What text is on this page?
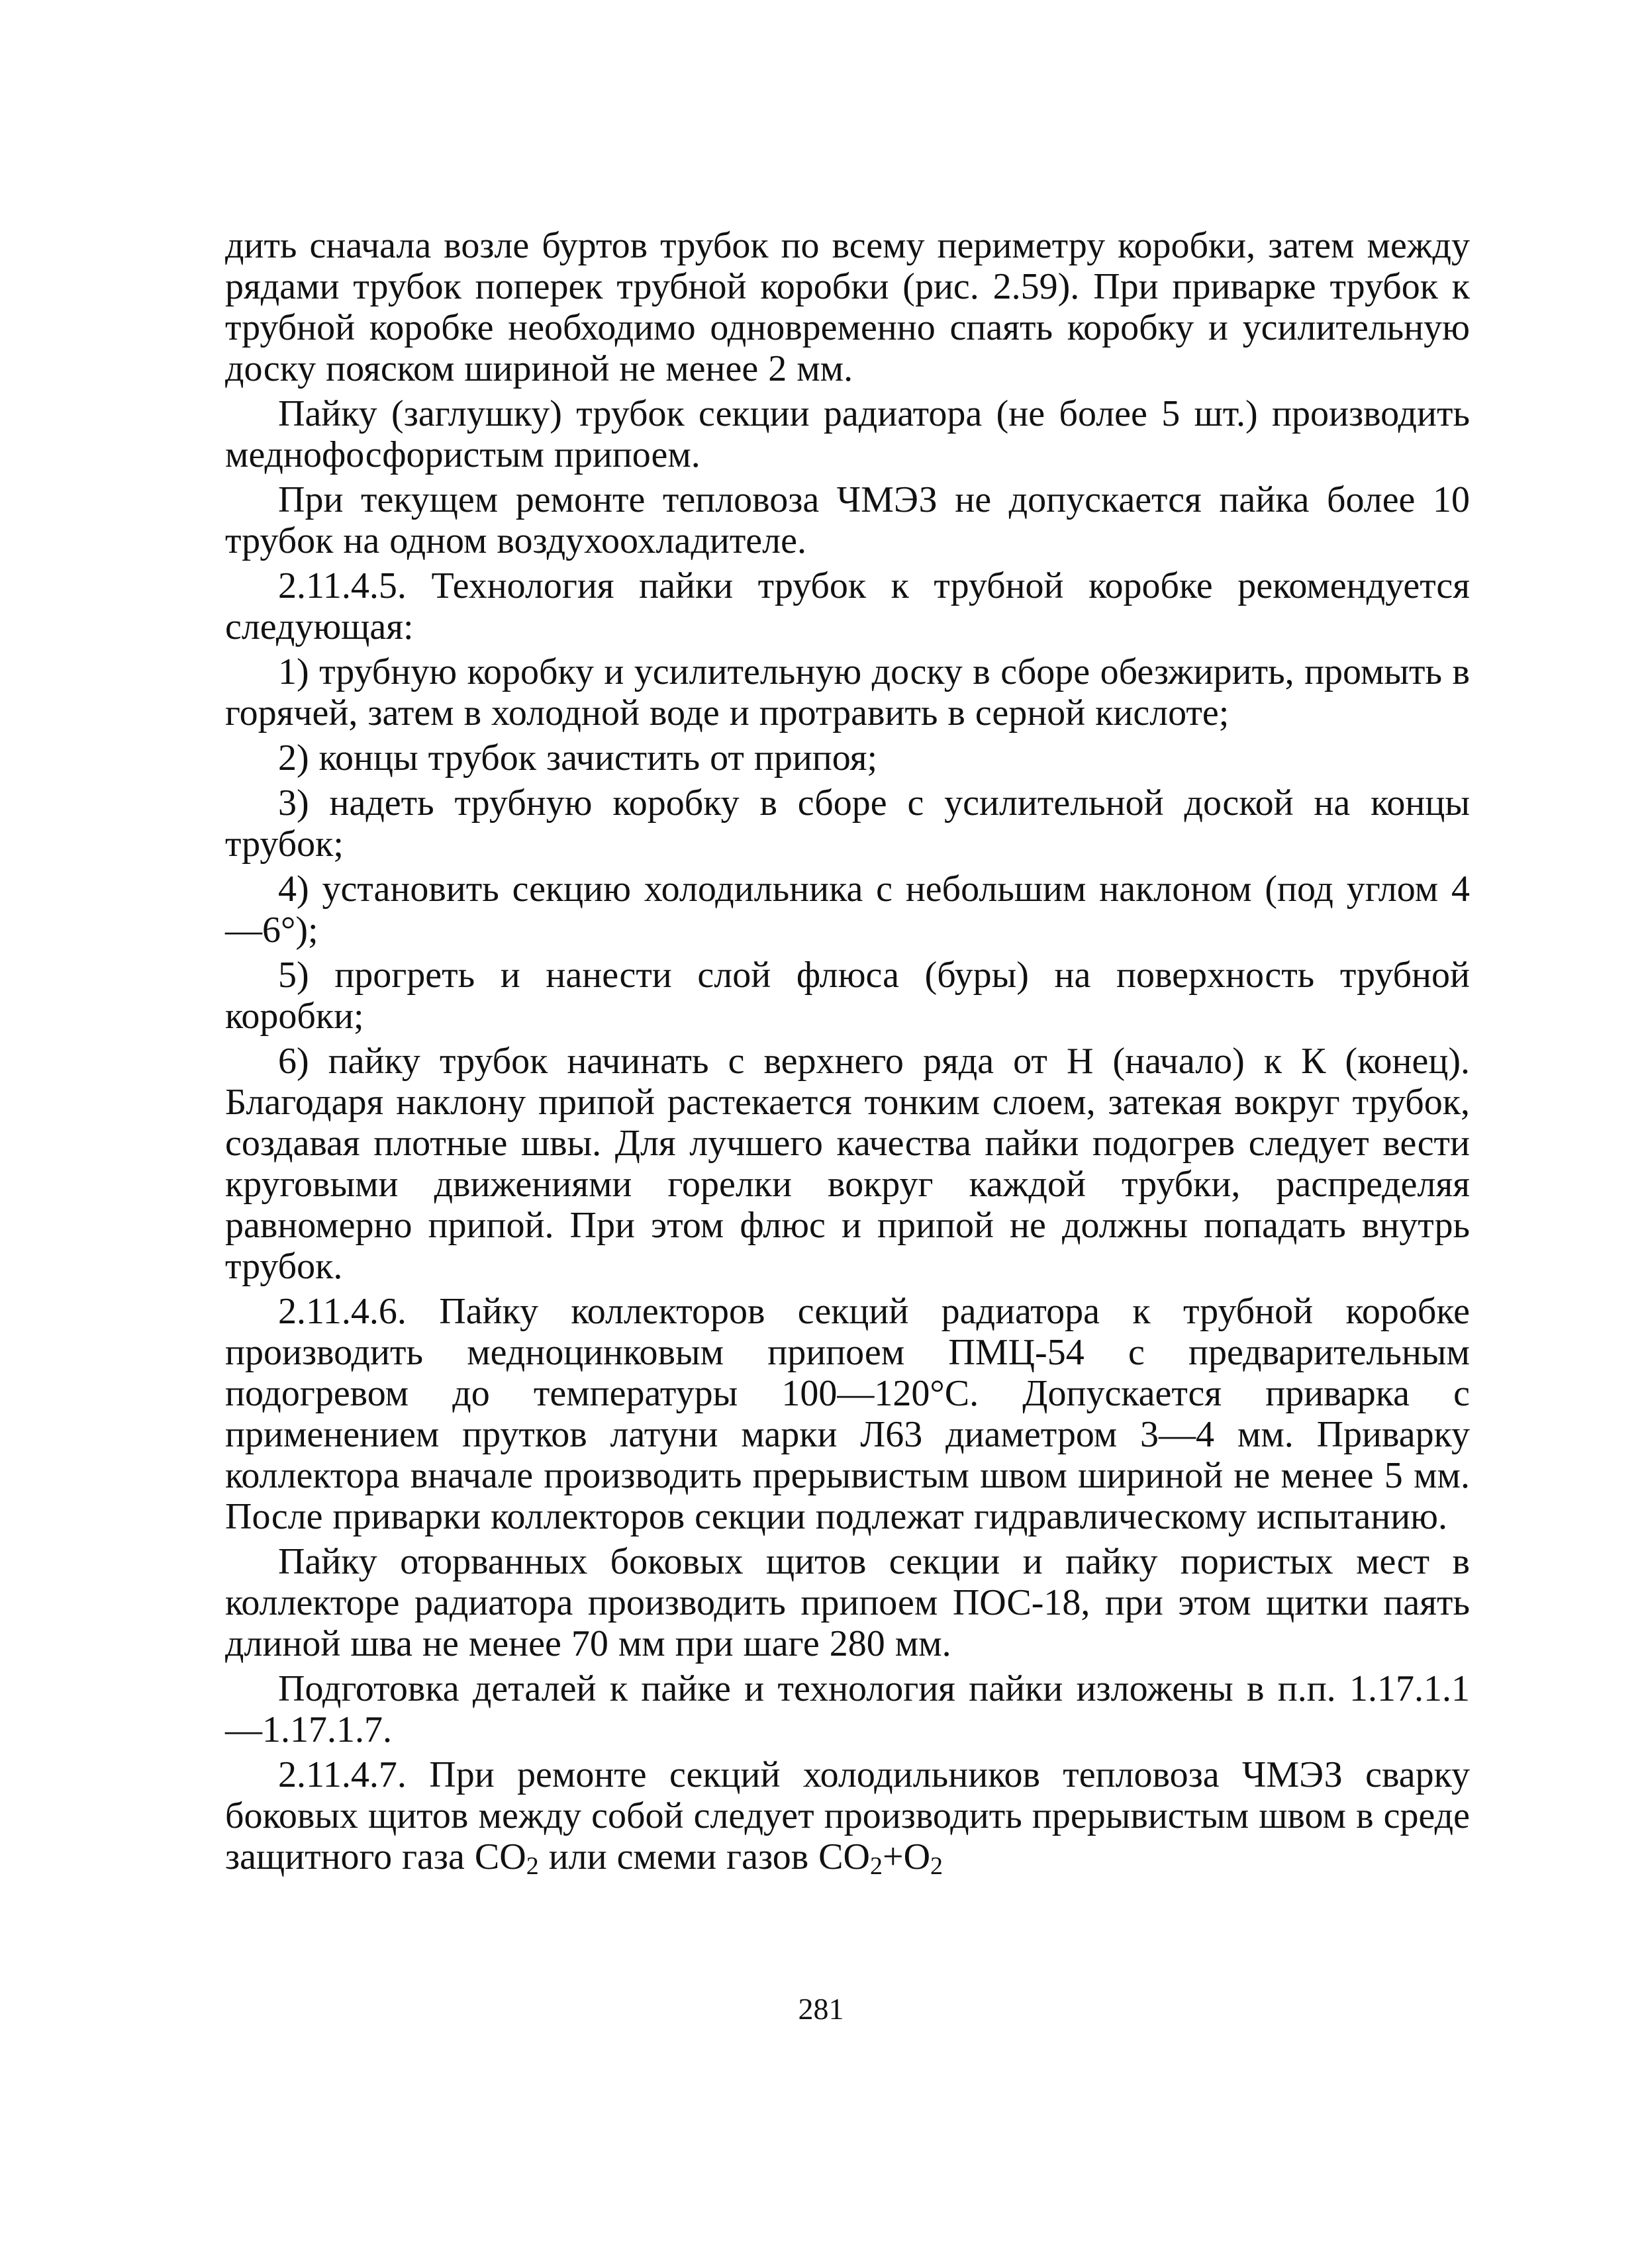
дить сначала возле буртов трубок по всему периметру коробки, затем между рядами трубок поперек трубной коробки (рис. 2.59). При приварке трубок к трубной коробке необходимо одновременно спаять коробку и усилительную доску пояском шириной не менее 2 мм.

Пайку (заглушку) трубок секции радиатора (не более 5 шт.) производить меднофосфористым припоем.

При текущем ремонте тепловоза ЧМЭЗ не допускается пайка более 10 трубок на одном воздухоохладителе.

2.11.4.5. Технология пайки трубок к трубной коробке рекомендуется следующая:

1) трубную коробку и усилительную доску в сборе обезжирить, промыть в горячей, затем в холодной воде и протравить в серной кислоте;

2) концы трубок зачистить от припоя;

3) надеть трубную коробку в сборе с усилительной доской на концы трубок;

4) установить секцию холодильника с небольшим наклоном (под углом 4—6°);

5) прогреть и нанести слой флюса (буры) на поверхность трубной коробки;

6) пайку трубок начинать с верхнего ряда от Н (начало) к К (конец). Благодаря наклону припой растекается тонким слоем, затекая вокруг трубок, создавая плотные швы. Для лучшего качества пайки подогрев следует вести круговыми движениями горелки вокруг каждой трубки, распределяя равномерно припой. При этом флюс и припой не должны попадать внутрь трубок.

2.11.4.6. Пайку коллекторов секций радиатора к трубной коробке производить медноцинковым припоем ПМЦ-54 с предварительным подогревом до температуры 100—120°С. Допускается приварка с применением прутков латуни марки Л63 диаметром 3—4 мм. Приварку коллектора вначале производить прерывистым швом шириной не менее 5 мм. После приварки коллекторов секции подлежат гидравлическому испытанию.

Пайку оторванных боковых щитов секции и пайку пористых мест в коллекторе радиатора производить припоем ПОС-18, при этом щитки паять длиной шва не менее 70 мм при шаге 280 мм.

Подготовка деталей к пайке и технология пайки изложены в п.п. 1.17.1.1—1.17.1.7.

2.11.4.7. При ремонте секций холодильников тепловоза ЧМЭЗ сварку боковых щитов между собой следует производить прерывистым швом в среде защитного газа $CO_2$ или смеми газов $CO_2+O_2$

281
